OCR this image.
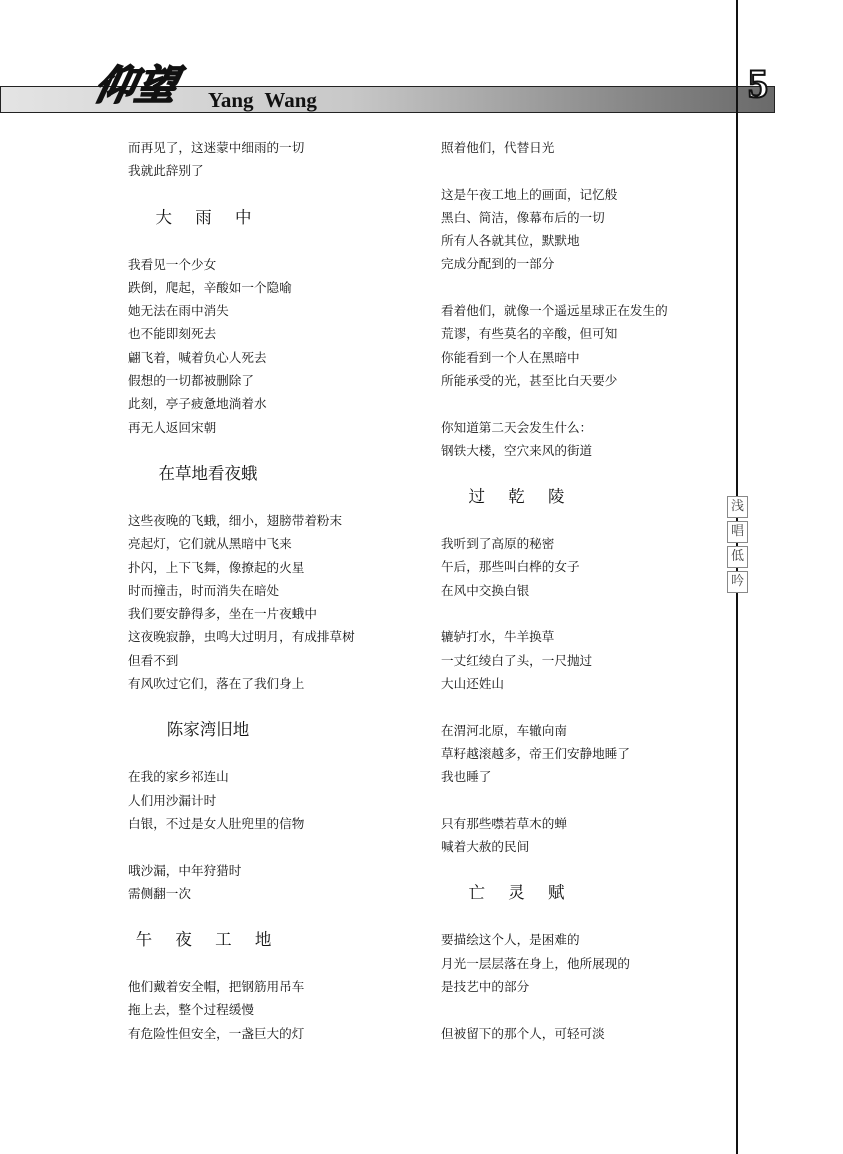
仰望 Yang Wang	5
浅
唱
低
吟
而再见了，这迷蒙中细雨的一切
我就此辞别了
大 雨 中
我看见一个少女
跌倒，爬起，辛酸如一个隐喻
她无法在雨中消失
也不能即刻死去
翩飞着，喊着负心人死去
假想的一切都被删除了
此刻，亭子疲惫地淌着水
再无人返回宋朝
在草地看夜蛾
这些夜晚的飞蛾，细小，翅膀带着粉末
亮起灯，它们就从黑暗中飞来
扑闪，上下飞舞，像撩起的火星
时而撞击，时而消失在暗处
我们要安静得多，坐在一片夜蛾中
这夜晚寂静，虫鸣大过明月，有成排草树
但看不到
有风吹过它们，落在了我们身上
陈家湾旧地
在我的家乡祁连山
人们用沙漏计时
白银，不过是女人肚兜里的信物
哦沙漏，中年狩猎时
需侧翻一次
午 夜 工 地
他们戴着安全帽，把钢筋用吊车
拖上去，整个过程缓慢
有危险性但安全，一盏巨大的灯
照着他们，代替日光
这是午夜工地上的画面，记忆般
黑白、简洁，像幕布后的一切
所有人各就其位，默默地
完成分配到的一部分
看着他们，就像一个遥远星球正在发生的
荒谬，有些莫名的辛酸，但可知
你能看到一个人在黑暗中
所能承受的光，甚至比白天要少
你知道第二天会发生什么：
钢铁大楼，空穴来风的街道
过 乾 陵
我听到了高原的秘密
午后，那些叫白桦的女子
在风中交换白银
辘轳打水，牛羊换草
一丈红绫白了头，一尺抛过
大山还姓山
在渭河北原，车辙向南
草籽越滚越多，帝王们安静地睡了
我也睡了
只有那些噤若草木的蝉
喊着大赦的民间
亡 灵 赋
要描绘这个人，是困难的
月光一层层落在身上，他所展现的
是技艺中的部分
但被留下的那个人，可轻可淡
